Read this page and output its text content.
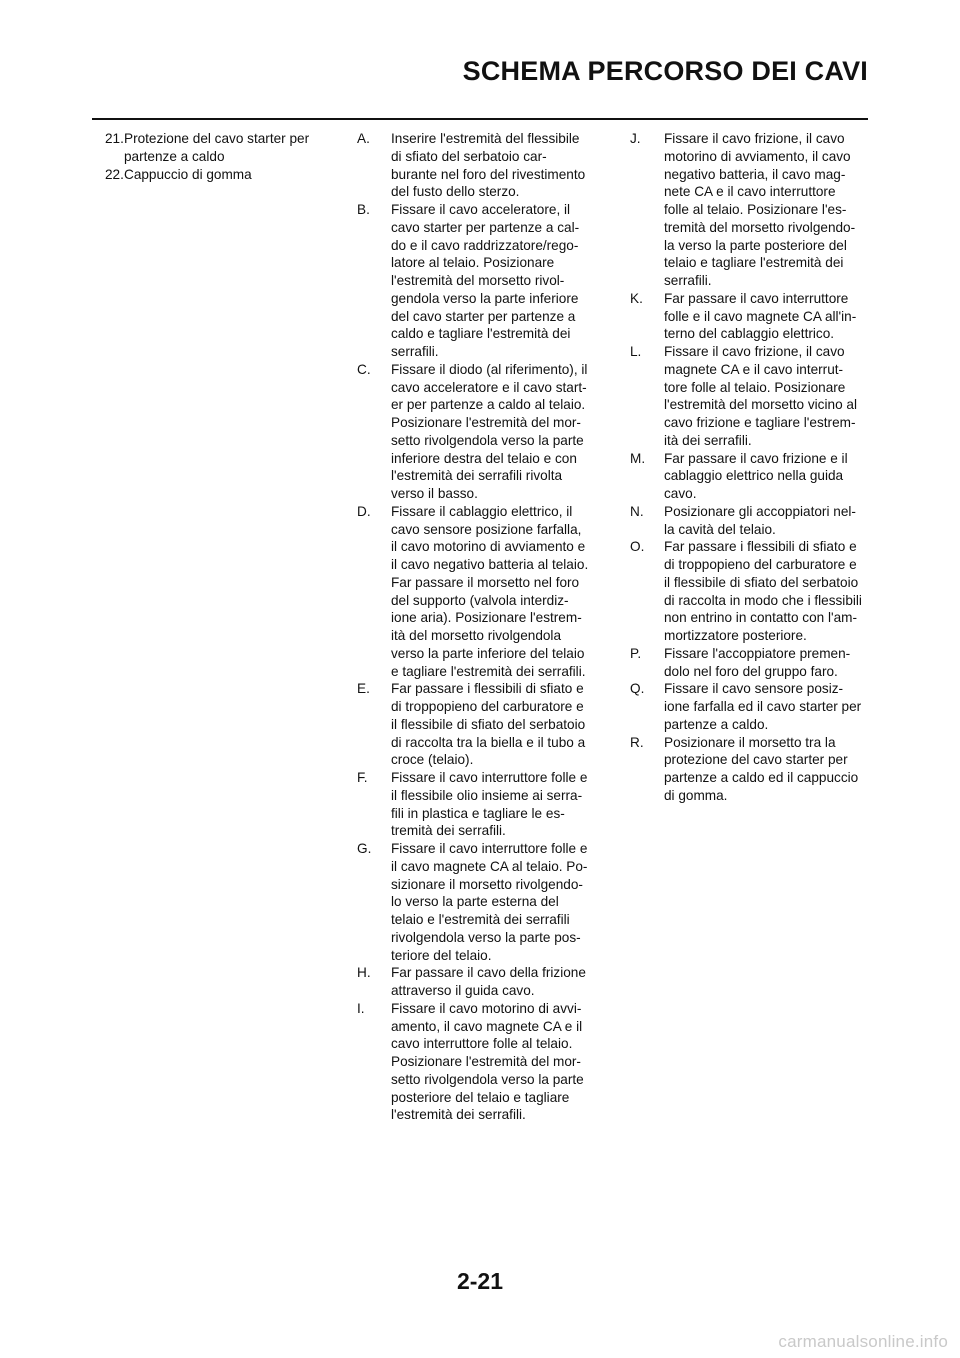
SCHEMA PERCORSO DEI CAVI
21. Protezione del cavo starter per
partenze a caldo
22. Cappuccio di gomma
A.	Inserire l'estremità del flessibile
di sfiato del serbatoio car-
burante nel foro del rivestimento
del fusto dello sterzo.
B.	Fissare il cavo acceleratore, il
cavo starter per partenze a cal-
do e il cavo raddrizzatore/rego-
latore al telaio. Posizionare
l'estremità del morsetto rivol-
gendola verso la parte inferiore
del cavo starter per partenze a
caldo e tagliare l'estremità dei
serrafili.
C.	Fissare il diodo (al riferimento), il
cavo acceleratore e il cavo start-
er per partenze a caldo al telaio.
Posizionare l'estremità del mor-
setto rivolgendola verso la parte
inferiore destra del telaio e con
l'estremità dei serrafili rivolta
verso il basso.
D.	Fissare il cablaggio elettrico, il
cavo sensore posizione farfalla,
il cavo motorino di avviamento e
il cavo negativo batteria al telaio.
Far passare il morsetto nel foro
del supporto (valvola interdiz-
ione aria). Posizionare l'estrem-
ità del morsetto rivolgendola
verso la parte inferiore del telaio
e tagliare l'estremità dei serrafili.
E.	Far passare i flessibili di sfiato e
di troppopieno del carburatore e
il flessibile di sfiato del serbatoio
di raccolta tra la biella e il tubo a
croce (telaio).
F.	Fissare il cavo interruttore folle e
il flessibile olio insieme ai serra-
fili in plastica e tagliare le es-
tremità dei serrafili.
G.	Fissare il cavo interruttore folle e
il cavo magnete CA al telaio. Po-
sizionare il morsetto rivolgendo-
lo verso la parte esterna del
telaio e l'estremità dei serrafili
rivolgendola verso la parte pos-
teriore del telaio.
H.	Far passare il cavo della frizione
attraverso il guida cavo.
I.	Fissare il cavo motorino di avvi-
amento, il cavo magnete CA e il
cavo interruttore folle al telaio.
Posizionare l'estremità del mor-
setto rivolgendola verso la parte
posteriore del telaio e tagliare
l'estremità dei serrafili.
J.	Fissare il cavo frizione, il cavo
motorino di avviamento, il cavo
negativo batteria, il cavo mag-
nete CA e il cavo interruttore
folle al telaio. Posizionare l'es-
tremità del morsetto rivolgendo-
la verso la parte posteriore del
telaio e tagliare l'estremità dei
serrafili.
K.	Far passare il cavo interruttore
folle e il cavo magnete CA all'in-
terno del cablaggio elettrico.
L.	Fissare il cavo frizione, il cavo
magnete CA e il cavo interrut-
tore folle al telaio. Posizionare
l'estremità del morsetto vicino al
cavo frizione e tagliare l'estrem-
ità dei serrafili.
M.	Far passare il cavo frizione e il
cablaggio elettrico nella guida
cavo.
N.	Posizionare gli accoppiatori nel-
la cavità del telaio.
O.	Far passare i flessibili di sfiato e
di troppopieno del carburatore e
il flessibile di sfiato del serbatoio
di raccolta in modo che i flessibili
non entrino in contatto con l'am-
mortizzatore posteriore.
P.	Fissare l'accoppiatore premen-
dolo nel foro del gruppo faro.
Q.	Fissare il cavo sensore posiz-
ione farfalla ed il cavo starter per
partenze a caldo.
R.	Posizionare il morsetto tra la
protezione del cavo starter per
partenze a caldo ed il cappuccio
di gomma.
2-21
carmanualsonline.info
